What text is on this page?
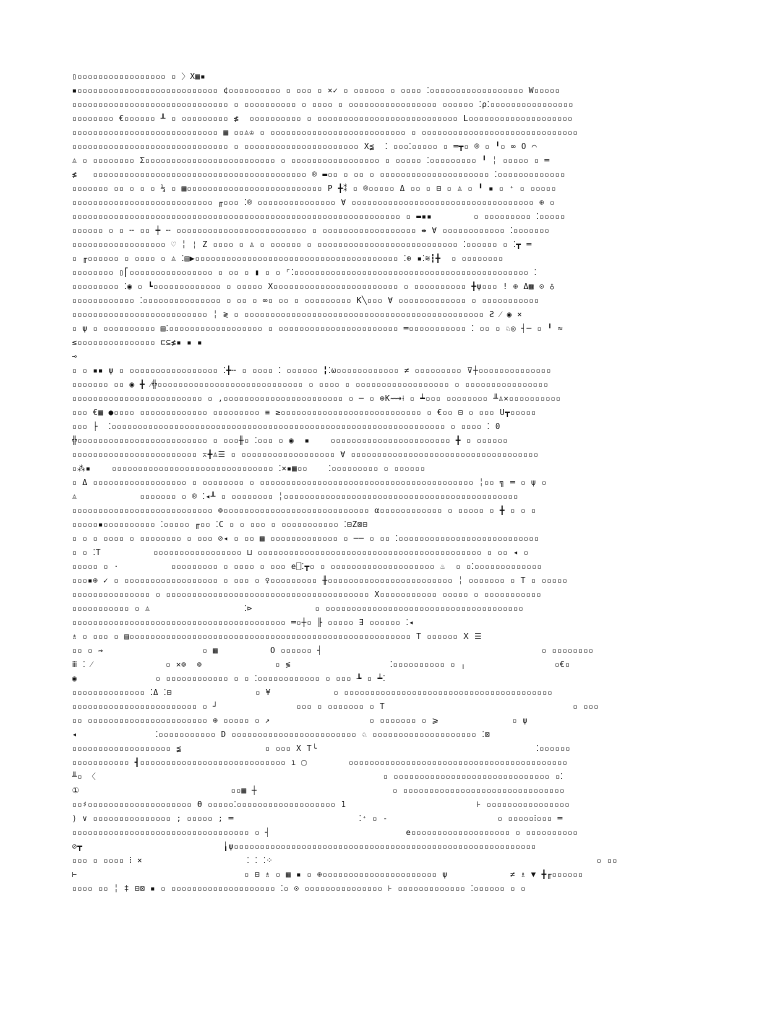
▯▫▫▫▫▫▫▫▫▫▫▫▫▫▫▫▫▫ ▫ 〉X▦▪
▪▫▫▫▫▫▫▫▫▫▫▫▫▫▫▫▫▫▫▫▫▫▫▫▫▫▫▫ ¢▫▫▫▫▫▫▫▫▫▫ ▫ ▫▫▫ ▫ ×✓ ▫ ▫▫▫▫▫▫ ▫ ▫▫▫▫ ⁚▫▫▫▫▫▫▫▫▫▫▫▫▫▫▫▫▫▫ W▫▫▫▫▫
▫▫▫▫▫▫▫▫▫▫▫▫▫▫▫▫▫▫▫▫▫▫▫▫▫▫▫▫▫▫ ▫ ▫▫▫▫▫▫▫▫▫▫ ▫ ▫▫▫▫ ▫ ▫▫▫▫▫▫▫▫▫▫▫▫▫▫▫▫▫ ▫▫▫▫▫▫ ⁚ρ⁚▫▫▫▫▫▫▫▫▫▫▫▫▫▫▫▫
▫▫▫▫▫▫▫▫ €▫▫▫▫▫▫ ┸ ▫ ▫▫▫▫▫▫▫▫▫ ≰  ▫▫▫▫▫▫▫▫▫▫ ▫ ▫▫▫▫▫▫▫▫▫▫▫▫▫▫▫▫▫▫▫▫▫▫▫▫▫▫▫ L▫▫▫▫▫▫▫▫▫▫▫▫▫▫▫▫▫▫▫▫
▫▫▫▫▫▫▫▫▫▫▫▫▫▫▫▫▫▫▫▫▫▫▫▫▫▫▫▫ ▦ ▫▫♙♔ ▫ ▫▫▫▫▫▫▫▫▫▫▫▫▫▫▫▫▫▫▫▫▫▫▫▫▫▫ ▫ ▫▫▫▫▫▫▫▫▫▫▫▫▫▫▫▫▫▫▫▫▫▫▫▫▫▫▫▫▫▫
▫▫▫▫▫▫▫▫▫▫▫▫▫▫▫▫▫▫▫▫▫▫▫▫▫▫▫▫▫▫ ▫ ▫▫▫▫▫▫▫▫▫▫▫▫▫▫▫▫▫▫▫▫▫▫ X≨  ⁚ ▫▫▫⁚▫▫▫▫▫ ▫ ═┳▫ ® ▫ ╹▫ ∞ O ⌒
♙ ▫ ▫▫▫▫▫▫▫▫ Σ▫▫▫▫▫▫▫▫▫▫▫▫▫▫▫▫▫▫▫▫▫▫▫▫▫ ▫ ▫▫▫▫▫▫▫▫▫▫▫▫▫▫▫▫▫ ▫ ▫▫▫▫▫ ⁚▫▫▫▫▫▫▫▫▫ ╹ ╎ ▫▫▫▫▫ ▫ ═
≰   ▫▫▫▫▫▫▫▫▫▫▫▫▫▫▫▫▫▫▫▫▫▫▫▫▫▫▫▫▫▫▫▫▫▫▫▫▫▫▫▫▫ ® ▬▫▫ ▫ ▫▫ ▫ ▫▫▫▫▫▫▫▫▫▫▫▫▫▫▫▫▫▫▫▫▫ ⁚▫▫▫▫▫▫▫▫▫▫▫▫▫
▫▫▫▫▫▫▫ ▫▫ ▫ ▫ ▫ ⅓ ▫ ▦▫▫▫▫▫▫▫▫▫▫▫▫▫▫▫▫▫▫▫▫▫▫▫▫▫▫ P ╋⁑ ▫ ®▫▫▫▫▫ Δ ▫▫ ▫ ⊟ ▫ ♙ ▫ ╹ ▪ ▫ ⁺ ▫ ▫▫▫▫▫
▫▫▫▫▫▫▫▫▫▫▫▫▫▫▫▫▫▫▫▫▫▫▫▫▫▫▫ ╓▫▫▫ ⁚® ▫▫▫▫▫▫▫▫▫▫▫▫▫▫▫ ∀ ▫▫▫▫▫▫▫▫▫▫▫▫▫▫▫▫▫▫▫▫▫▫▫▫▫▫▫▫▫▫▫▫▫▫▫ ⊕ ▫
▫▫▫▫▫▫▫▫▫▫▫▫▫▫▫▫▫▫▫▫▫▫▫▫▫▫▫▫▫▫▫▫▫▫▫▫▫▫▫▫▫▫▫▫▫▫▫▫▫▫▫▫▫▫▫▫▫▫▫▫▫▫▫ ▫ ▬▪▪        ▫ ▫▫▫▫▫▫▫▫▫ ⁚▫▫▫▫▫
▫▫▫▫▫▫ ▫ ▫ ╌ ▫▫ ┿ ╌ ▫▫▫▫▫▫▫▫▫▫▫▫▫▫▫▫▫▫▫▫▫▫▫▫▫ ▫ ▫▫▫▫▫▫▫▫▫▫▫▫▫▫▫▫▫▫ ⇼ ∀ ▫▫▫▫▫▫▫▫▫▫▫▫ ⁚▫▫▫▫▫▫▫
▫▫▫▫▫▫▫▫▫▫▫▫▫▫▫▫▫▫ ♡ ╎ ¦ Ζ ▫▫▫▫ ▫ ♙ ▫ ▫▫▫▫▫▫ ▫ ▫▫▫▫▫▫▫▫▫▫▫▫▫▫▫▫▫▫▫▫▫▫▫▫▫▫▫ ⁚▫▫▫▫▫▫ ▫ ⁚┳ ═
▫ ╓▫▫▫▫▫▫ ▫ ▫▫▫▫ ▫ ♙ ⁚▤▶▫▫▫▫▫▫▫▫▫▫▫▫▫▫▫▫▫▫▫▫▫▫▫▫▫▫▫▫▫▫▫▫▫▫▫▫▫▫▫ ⁚⊕ ▪⁚≋┇╋  ▫ ▫▫▫▫▫▫▫▫
▫▫▫▫▫▫▫▫ ▯⎡▫▫▫▫▫▫▫▫▫▫▫▫▫▫▫▫ ▫ ▫▫ ▫ ▮ ▫ ▫ ⌜⁚▫▫▫▫▫▫▫▫▫▫▫▫▫▫▫▫▫▫▫▫▫▫▫▫▫▫▫▫▫▫▫▫▫▫▫▫▫▫▫▫▫▫▫▫▫ ⁚
▫▫▫▫▫▫▫▫▫ ⁚◉ ▫ ┗▫▫▫▫▫▫▫▫▫▫▫▫▫ ▫ ▫▫▫▫▫ X▫▫▫▫▫▫▫▫▫▫▫▫▫▫▫▫▫▫▫▫▫▫▫▫ ▫ ▫▫▫▫▫▫▫▫▫▫ ╋ψ▫▫▫ ! ⊕ Δ▩ ⊙ ♁
▫▫▫▫▫▫▫▫▫▫▫▫ ⁚▫▫▫▫▫▫▫▫▫▫▫▫▫▫▫ ▫ ▫▫ ▫ ∞▫ ▫▫ ▫ ▫▫▫▫▫▫▫▫▫ K╲▫▫▫ ∀ ▫▫▫▫▫▫▫▫▫▫▫▫▫ ▫ ▫▫▫▫▫▫▫▫▫▫▫
▫▫▫▫▫▫▫▫▫▫▫▫▫▫▫▫▫▫▫▫▫▫▫▫▫▫ ╎ ≷ ▫ ▫▫▫▫▫▫▫▫▫▫▫▫▫▫▫▫▫▫▫▫▫▫▫▫▫▫▫▫▫▫▫▫▫▫▫▫▫▫▫▫▫▫▫▫▫▫ Ƨ ⁄ ◉ ×
▫ ψ ▫ ▫▫▫▫▫▫▫▫▫▫ ▤⁚▫▫▫▫▫▫▫▫▫▫▫▫▫▫▫▫▫▫ ▫ ▫▫▫▫▫▫▫▫▫▫▫▫▫▫▫▫▫▫▫▫▫▫▫ ═▫▫▫▫▫▫▫▫▫▫▫ ⁚ ▫▫ ▫ ♘◎ ┤─ ▫ ╹ ≈
≤▫▫▫▫▫▫▫▫▫▫▫▫▫▫▫ ⊏⊆≰▪ ▪ ▪
⊸
▫ ▫ ▪▪ ψ ▫ ▫▫▫▫▫▫▫▫▫▫▫▫▫▫▫▫▫ ⁚╋╌ ▫ ▫▫▫▫ ⁚ ▫▫▫▫▫▫ ╏⁚ω▫▫▫▫▫▫▫▫▫▫▫▫ ≠ ▫▫▫▫▫▫▫▫▫ ⊽┼▫▫▫▫▫▫▫▫▫▫▫▫▫▫
▫▫▫▫▫▫▫ ▫▫ ◉ ╋ ⁄╬▫▫▫▫▫▫▫▫▫▫▫▫▫▫▫▫▫▫▫▫▫▫▫▫▫▫▫▫ ▫ ▫▫▫▫ ▫ ▫▫▫▫▫▫▫▫▫▫▫▫▫▫▫▫▫▫ ▫ ▫▫▫▫▫▫▫▫▫▫▫▫▫▫▫▫
▫▫▫▫▫▫▫▫▫▫▫▫▫▫▫▫▫▫▫▫▫▫▫▫▫ ▫ ,▫▫▫▫▫▫▫▫▫▫▫▫▫▫▫▫▫▫▫▫▫▫▫ ▫ ─ ▫ ⊕Κ⟿⟊ ▫ ┷▫▫▫ ▫▫▫▫▫▫▫▫ ╨♙✕▫▫▫▫▫▫▫▫▫▫
▫▫▫ €▦ ●▫▫▫▫ ▫▫▫▫▫▫▫▫▫▫▫▫▫ ▫▫▫▫▫▫▫▫▫ ≡ ≥▫▫▫▫▫▫▫▫▫▫▫▫▫▫▫▫▫▫▫▫▫▫▫▫▫▫▫ ▫ €▫▫ ⊟ ▫ ▫▫▫ U┳▫▫▫▫▫
▫▫▫ ├  ⁚▫▫▫▫▫▫▫▫▫▫▫▫▫▫▫▫▫▫▫▫▫▫▫▫▫▫▫▫▫▫▫▫▫▫▫▫▫▫▫▫▫▫▫▫▫▫▫▫▫▫▫▫▫▫▫▫▫▫▫▫▫▫▫▫ ▫ ▫▫▫▫ ⁚ 0
╬▫▫▫▫▫▫▫▫▫▫▫▫▫▫▫▫▫▫▫▫▫▫▫▫▫ ▫ ▫▫▫╫▫ ⁚▫▫▫ ▫ ◉  ▪    ▫▫▫▫▫▫▫▫▫▫▫▫▫▫▫▫▫▫▫▫▫▫▫ ╋ ▫ ▫▫▫▫▫▫
▫▫▫▫▫▫▫▫▫▫▫▫▫▫▫▫▫▫▫▫▫▫▫▫ ⌅╋♙☰ ▫ ▫▫▫▫▫▫▫▫▫▫▫▫▫▫▫▫▫▫ ∀ ▫▫▫▫▫▫▫▫▫▫▫▫▫▫▫▫▫▫▫▫▫▫▫▫▫▫▫▫▫▫▫▫▫▫▫▫
▫⁂▪    ▫▫▫▫▫▫▫▫▫▫▫▫▫▫▫▫▫▫▫▫▫▫▫▫▫▫▫▫▫▫▫ ⁚×▪▦▫▫    ⁚▫▫▫▫▫▫▫▫▫ ▫ ▫▫▫▫▫▫
▫ Δ ▫▫▫▫▫▫▫▫▫▫▫▫▫▫▫▫▫▫ ▫ ▫▫▫▫▫▫▫▫ ▫ ▫▫▫▫▫▫▫▫▫▫▫▫▫▫▫▫▫▫▫▫▫▫▫▫▫▫▫▫▫▫▫▫▫▫▫▫▫▫▫▫▫ ╎▫▫ ╗ ═ ▫ ψ ▫
♙            ▫▫▫▫▫▫▫ ▫ ® ⁚◂┸ ▫ ▫▫▫▫▫▫▫▫ ╎▫▫▫▫▫▫▫▫▫▫▫▫▫▫▫▫▫▫▫▫▫▫▫▫▫▫▫▫▫▫▫▫▫▫▫▫▫▫▫▫▫▫▫▫▫
▫▫▫▫▫▫▫▫▫▫▫▫▫▫▫▫▫▫▫▫▫▫▫▫▫▫▫ ⊚▫▫▫▫▫▫▫▫▫▫▫▫▫▫▫▫▫▫▫▫▫▫▫▫▫▫▫▫ α▫▫▫▫▫▫▫▫▫▫▫▫ ▫ ▫▫▫▫▫ ▫ ╋ ▫ ▫ ▫
▫▫▫▫▫▪▫▫▫▫▫▫▫▫▫▫ ⁚▫▫▫▫▫ ╓▫▫ ⁚C ▫ ▫ ▫▫▫ ▫ ▫▫▫▫▫▫▫▫▫▫▫ ⁚⊟Ζ⊠⊟
▫ ▫ ▫ ▫▫▫▫ ▫ ▫▫▫▫▫▫▫▫ ▫ ▫▫▫ ⊘◂ ▫ ▫▫ ▦ ▫▫▫▫▫▫▫▫▫▫▫▫▫ ▫ ── ▫ ▫▫ ⁚▫▫▫▫▫▫▫▫▫▫▫▫▫▫▫▫▫▫▫▫▫▫▫▫▫▫▫
▫ ▫ ⁚T          ▫▫▫▫▫▫▫▫▫▫▫▫▫▫▫▫▫ ⊔ ▫▫▫▫▫▫▫▫▫▫▫▫▫▫▫▫▫▫▫▫▫▫▫▫▫▫▫▫▫▫▫▫▫▫▫▫▫▫▫▫▫▫▫ ▫ ▫▫ ◂ ▫
▫▫▫▫▫ ▫ ·          ▫▫▫▫▫▫▫▫▫ ▫ ▫▫▫▫ ▫ ▫▫▫ e⎕⁚┳▫ ▫ ▫▫▫▫▫▫▫▫▫▫▫▫▫▫▫▫▫▫▫▫ ♨  ▫ ▫⁚▫▫▫▫▫▫▫▫▫▫▫▫▫
▫▫▫▪⊕ ✓ ▫ ▫▫▫▫▫▫▫▫▫▫▫▫▫▫▫▫▫▫ ▫ ▫▫▫ ▫ ♀▫▫▫▫▫▫▫▫▫ ╫▫▫▫▫▫▫▫▫▫▫▫▫▫▫▫▫▫▫▫▫▫▫▫▫ ╎ ▫▫▫▫▫▫▫ ▫ T ▫ ▫▫▫▫▫
▫▫▫▫▫▫▫▫▫▫▫▫▫▫▫ ▫ ▫▫▫▫▫▫▫▫▫▫▫▫▫▫▫▫▫▫▫▫▫▫▫▫▫▫▫▫▫▫▫▫▫▫▫▫▫▫▫ X▫▫▫▫▫▫▫▫▫▫▫ ▫▫▫▫▫ ▫ ▫▫▫▫▫▫▫▫▫▫▫
▫▫▫▫▫▫▫▫▫▫▫ ▫ ♙                  ⁚⊳            ▫ ▫▫▫▫▫▫▫▫▫▫▫▫▫▫▫▫▫▫▫▫▫▫▫▫▫▫▫▫▫▫▫▫▫▫▫▫▫▫
▫▫▫▫▫▫▫▫▫▫▫▫▫▫▫▫▫▫▫▫▫▫▫▫▫▫▫▫▫▫▫▫▫▫▫▫▫▫▫▫▫ ═▫┼▫ ╟ ▫▫▫▫▫ ∃ ▫▫▫▫▫▫ ⁚◂
♗ ▫ ▫▫▫ ▫ ▤▫▫▫▫▫▫▫▫▫▫▫▫▫▫▫▫▫▫▫▫▫▫▫▫▫▫▫▫▫▫▫▫▫▫▫▫▫▫▫▫▫▫▫▫▫▫▫▫▫▫▫▫▫▫ T ▫▫▫▫▫▫ Ⅹ ☰
▫▫ ▫ ⇝                   ▫ ▦          O ▫▫▫▫▫▫ ┤                                          ▫ ▫▫▫▫▫▫▫▫
ⅲ ⁚ ⁄              ▫ ✕⊚  ⊚              ▫ ≶                   ⁚▫▫▫▫▫▫▫▫▫▫ ▫ ╷                 ▫€▫
◉               ▫ ▫▫▫▫▫▫▫▫▫▫▫▫ ▫ ▫ ⁚▫▫▫▫▫▫▫▫▫▫▫▫ ▫ ▫▫▫ ┺ ▫ ┷⁚
▫▫▫▫▫▫▫▫▫▫▫▫▫▫ ⁚Δ ⁚⊟                ▫ ¥            ▫ ▫▫▫▫▫▫▫▫▫▫▫▫▫▫▫▫▫▫▫▫▫▫▫▫▫▫▫▫▫▫▫▫▫▫▫▫▫▫▫▫
▫▫▫▫▫▫▫▫▫▫▫▫▫▫▫▫▫▫▫▫▫▫▫▫ ▫ ┘               ▫▫▫ ▫ ▫▫▫▫▫▫▫ ▫ T                                    ▫ ▫▫▫
▫▫ ▫▫▫▫▫▫▫▫▫▫▫▫▫▫▫▫▫▫▫▫▫▫▫ ⊕ ▫▫▫▫▫ ▫ ↗                   ▫ ▫▫▫▫▫▫▫ ▫ ⩾              ▫ ψ
◂               ⁚▫▫▫▫▫▫▫▫▫▫▫ D ▫▫▫▫▫▫▫▫▫▫▫▫▫▫▫▫▫▫▫▫▫▫▫▫ ♘ ▫▫▫▫▫▫▫▫▫▫▫▫▫▫▫▫▫▫▫▫ ⁚⊠
▫▫▫▫▫▫▫▫▫▫▫▫▫▫▫▫▫▫▫ ≨                ▫ ▫▫▫ X T╰                                          ⁚▫▫▫▫▫▫
▫▫▫▫▫▫▫▫▫▫▫ ┫▫▫▫▫▫▫▫▫▫▫▫▫▫▫▫▫▫▫▫▫▫▫▫▫▫▫▫▫ ı ▢        ▫▫▫▫▫▫▫▫▫▫▫▫▫▫▫▫▫▫▫▫▫▫▫▫▫▫▫▫▫▫▫▫▫▫▫▫▫▫▫▫▫▫
╨▫ 〈                                                       ▫ ▫▫▫▫▫▫▫▫▫▫▫▫▫▫▫▫▫▫▫▫▫▫▫▫▫▫▫▫▫▫ ▫⁚
①                             ▫▫▦ ┼                          ▫ ▫▫▫▫▫▫▫▫▫▫▫▫▫▫▫▫▫▫▫▫▫▫▫▫▫▫▫▫▫▫▫
▫▫♯▫▫▫▫▫▫▫▫▫▫▫▫▫▫▫▫▫▫▫▫ ϴ ▫▫▫▫▫⁚▫▫▫▫▫▫▫▫▫▫▫▫▫▫▫▫▫▫▫ 1                         ⊦ ▫▫▫▫▫▫▫▫▫▫▫▫▫▫▫▫
) ∨ ▫▫▫▫▫▫▫▫▫▫▫▫▫▫▫ ; ▫▫▫▫▫ ; ═                        ⁚⁺ ▫ -                     ▫ ▫▫▫▫▫⁞▫▫▫ ═
▫▫▫▫▫▫▫▫▫▫▫▫▫▫▫▫▫▫▫▫▫▫▫▫▫▫▫▫▫▫▫▫▫▫ ▫ ┤                          e▫▫▫▫▫▫▫▫▫▫▫▫▫▫▫▫▫▫▫ ▫ ▫▫▫▫▫▫▫▫▫▫
⊘┳                           ╽ψ▫▫▫▫▫▫▫▫▫▫▫▫▫▫▫▫▫▫▫▫▫▫▫▫▫▫▫▫▫▫▫▫▫▫▫▫▫▫▫▫▫▫▫▫▫▫▫▫▫▫▫▫▫▫▫▫▫▫
▫▫▫ ▫ ▫▫▫▫ ⁞ ×                    ⁚ ⁚ ⁚⁘                                                              ▫ ▫▫
⊢                                ▫ ⊟ ♗ ▫ ▦ ▪ ▫ ⊕▫▫▫▫▫▫▫▫▫▫▫▫▫▫▫▫▫▫▫▫▫▫ ψ            ≠ ♗ ▼ ╋╓▫▫▫▫▫▫
▫▫▫▫ ▫▫ ╎ ‡ ⊟⊠ ▪ ▫ ▫▫▫▫▫▫▫▫▫▫▫▫▫▫▫▫▫▫▫▫ ⁚▫ ⊙ ▫▫▫▫▫▫▫▫▫▫▫▫▫▫▫ ⊦ ▫▫▫▫▫▫▫▫▫▫▫▫▫ ⁚▫▫▫▫▫▫ ▫ ▫
